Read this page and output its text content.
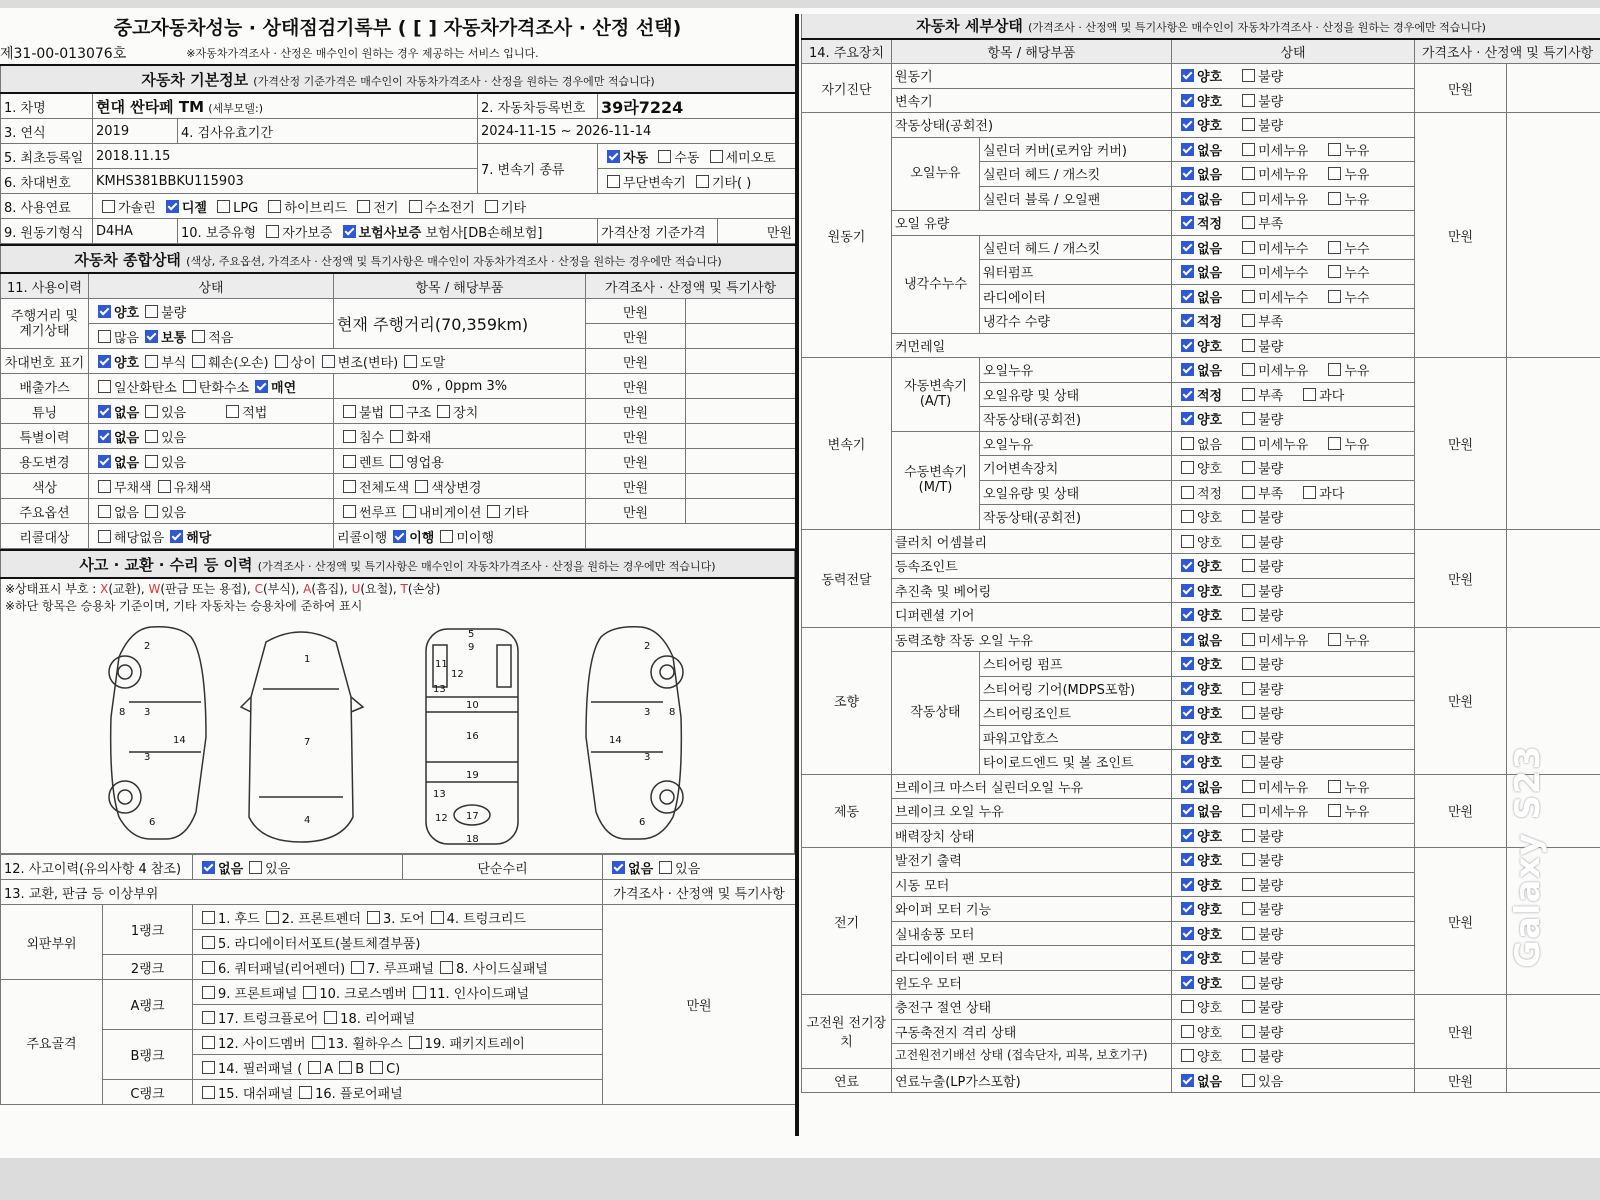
중고자동차성능 · 상태점검기록부 ( [ ] 자동차가격조사 · 산정 선택)
제31-00-013076호	※자동차가격조사 · 산정은 매수인이 원하는 경우 제공하는 서비스 입니다.
자동차 기본정보 (가격산정 기준가격은 매수인이 자동차가격조사 · 산정을 원하는 경우에만 적습니다)					
1. 차명	현대 싼타페 TM (세부모델:)		2. 자동차등록번호	39라7224	
3. 연식	2019	4. 검사유효기간	2024-11-15 ~ 2026-11-14		
5. 최초등록일	2018.11.15		7. 변속기 종류	자동 수동 세미오토	
6. 차대번호	KMHS381BBKU115903			무단변속기 기타( )	
8. 사용연료	가솔린 디젤 LPG 하이브리드 전기 수소전기 기타				
9. 원동기형식	D4HA	10. 보증유형 자가보증 보험사보증 보험사[DB손해보험]		가격산정 기준가격	만원
자동차 종합상태 (색상, 주요옵션, 가격조사 · 산정액 및 특기사항은 매수인이 자동차가격조사 · 산정을 원하는 경우에만 적습니다)				
11. 사용이력	상태	항목 / 해당부품	가격조사 · 산정액 및 특기사항	
주행거리 및 계기상태	양호 불량	현재 주행거리(70,359km)	만원	
	많음 보통 적음		만원	
차대번호 표기	양호 부식 훼손(오손) 상이 변조(변타) 도말		만원	
배출가스	일산화탄소 탄화수소 매연	0% , 0ppm 3%	만원	
튜닝	없음 있음 적법	불법 구조 장치	만원	
특별이력	없음 있음	침수 화재	만원	
용도변경	없음 있음	렌트 영업용	만원	
색상	무채색 유채색	전체도색 색상변경	만원	
주요옵션	없음 있음	썬루프 내비게이션 기타	만원	
리콜대상	해당없음 해당	리콜이행 이행 미이행		
사고 · 교환 · 수리 등 이력 (가격조사 · 산정액 및 특기사항은 매수인이 자동차가격조사 · 산정을 원하는 경우에만 적습니다)
※상태표시 부호 : X(교환), W(판금 또는 용접), C(부식), A(흠집), U(요철), T(손상)
※하단 항목은 승용차 기준이며, 기타 자동차는 승용차에 준하여 표시

2
3
8
3
14
6
1
7
4
5
9
11
12
13
10
16
19
13
17
12
18
2
3 8
14
3
6
12. 사고이력(유의사항 4 참조)		없음 있음	단순수리	없음 있음
13. 교환, 판금 등 이상부위				가격조사 · 산정액 및 특기사항
외판부위	1랭크	1. 후드 2. 프론트펜더 3. 도어 4. 트렁크리드		만원
		5. 라디에이터서포트(볼트체결부품)		
	2랭크	6. 쿼터패널(리어펜더) 7. 루프패널 8. 사이드실패널		
주요골격	A랭크	9. 프론트패널 10. 크로스멤버 11. 인사이드패널		
		17. 트렁크플로어 18. 리어패널		
	B랭크	12. 사이드멤버 13. 휠하우스 19. 패키지트레이		
		14. 필러패널 ( A B C)		
	C랭크	15. 대쉬패널 16. 플로어패널		
자동차 세부상태 (가격조사 · 산정액 및 특기사항은 매수인이 자동차가격조사 · 산정을 원하는 경우에만 적습니다)					
14. 주요장치	항목 / 해당부품		상태	가격조사 · 산정액 및 특기사항	
자기진단	원동기		양호 불량	만원	
	변속기		양호 불량		
원동기	작동상태(공회전)		양호 불량	만원	
	오일누유	실린더 커버(로커암 커버)	없음 미세누유 누유		
		실린더 헤드 / 개스킷	없음 미세누유 누유		
		실린더 블록 / 오일팬	없음 미세누유 누유		
	오일 유량		적정 부족		
	냉각수누수	실린더 헤드 / 개스킷	없음 미세누수 누수		
		워터펌프	없음 미세누수 누수		
		라디에이터	없음 미세누수 누수		
		냉각수 수량	적정 부족		
	커먼레일		양호 불량		
변속기	자동변속기(A/T)	오일누유	없음 미세누유 누유	만원	
		오일유량 및 상태	적정 부족 과다		
		작동상태(공회전)	양호 불량		
	수동변속기(M/T)	오일누유	없음 미세누유 누유		
		기어변속장치	양호 불량		
		오일유량 및 상태	적정 부족 과다		
		작동상태(공회전)	양호 불량		
동력전달	클러치 어셈블리		양호 불량	만원	
	등속조인트		양호 불량		
	추진축 및 베어링		양호 불량		
	디퍼렌셜 기어		양호 불량		
조향	동력조향 작동 오일 누유		없음 미세누유 누유	만원	
	작동상태	스티어링 펌프	양호 불량		
		스티어링 기어(MDPS포함)	양호 불량		
		스티어링조인트	양호 불량		
		파워고압호스	양호 불량		
		타이로드엔드 및 볼 조인트	양호 불량		
제동	브레이크 마스터 실린더오일 누유		없음 미세누유 누유	만원	
	브레이크 오일 누유		없음 미세누유 누유		
	배력장치 상태		양호 불량		
전기	발전기 출력		양호 불량	만원	
	시동 모터		양호 불량		
	와이퍼 모터 기능		양호 불량		
	실내송풍 모터		양호 불량		
	라디에이터 팬 모터		양호 불량		
	윈도우 모터		양호 불량		
고전원 전기장치	충전구 절연 상태		양호 불량	만원	
	구동축전지 격리 상태		양호 불량		
	고전원전기배선 상태 (접속단자, 피복, 보호기구)		양호 불량		
연료	연료누출(LP가스포함)		없음 있음	만원	
Galaxy S23
